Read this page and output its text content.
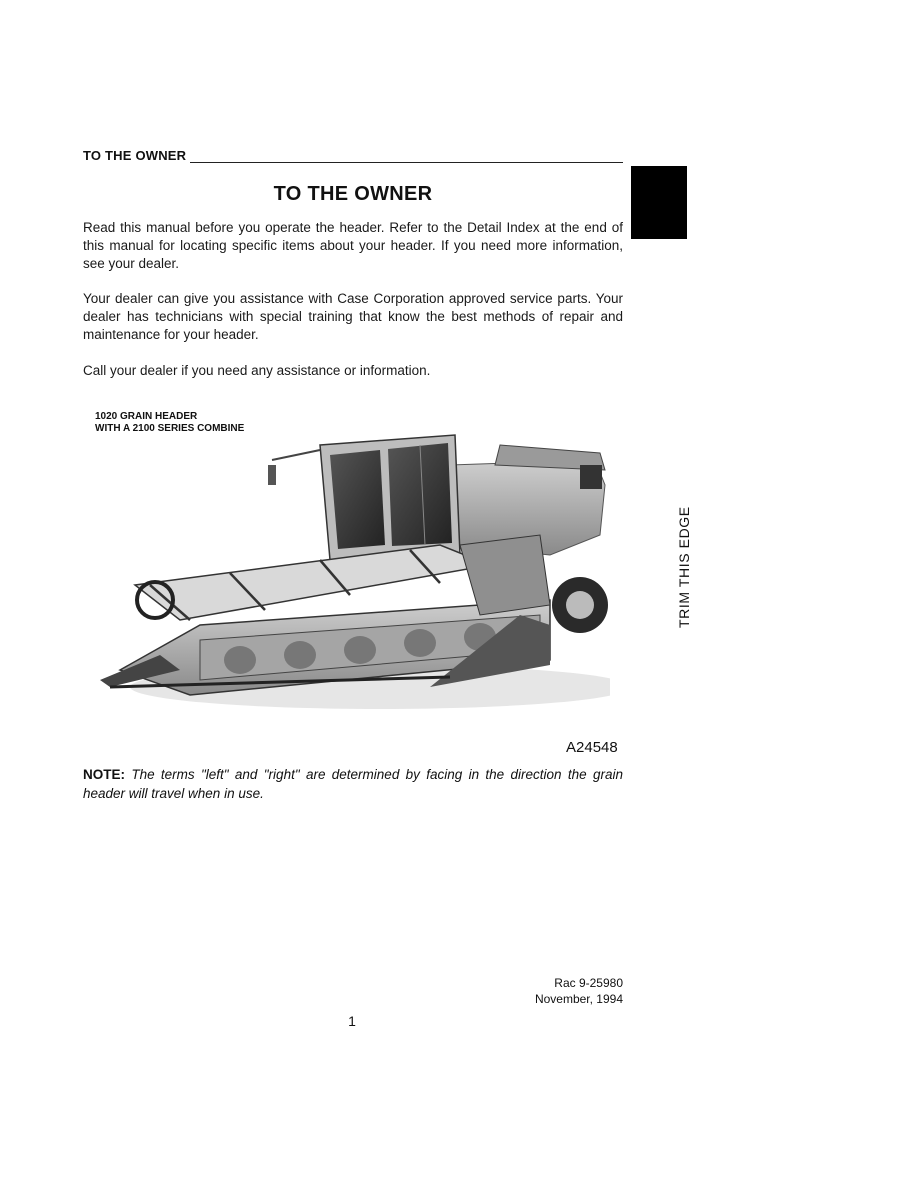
TO THE OWNER
TO THE OWNER

Read this manual before you operate the header. Refer to the Detail Index at the end of this manual for locating specific items about your header. If you need more information, see your dealer.

Your dealer can give you assistance with Case Corporation approved service parts. Your dealer has technicians with special training that know the best methods of repair and maintenance for your header.

Call your dealer if you need any assistance or information.

1020 GRAIN HEADER
WITH A 2100 SERIES COMBINE
A24548

NOTE: The terms "left" and "right" are determined by facing in the direction the grain header will travel when in use.

TRIM THIS EDGE
Rac 9-25980
November, 1994
1
